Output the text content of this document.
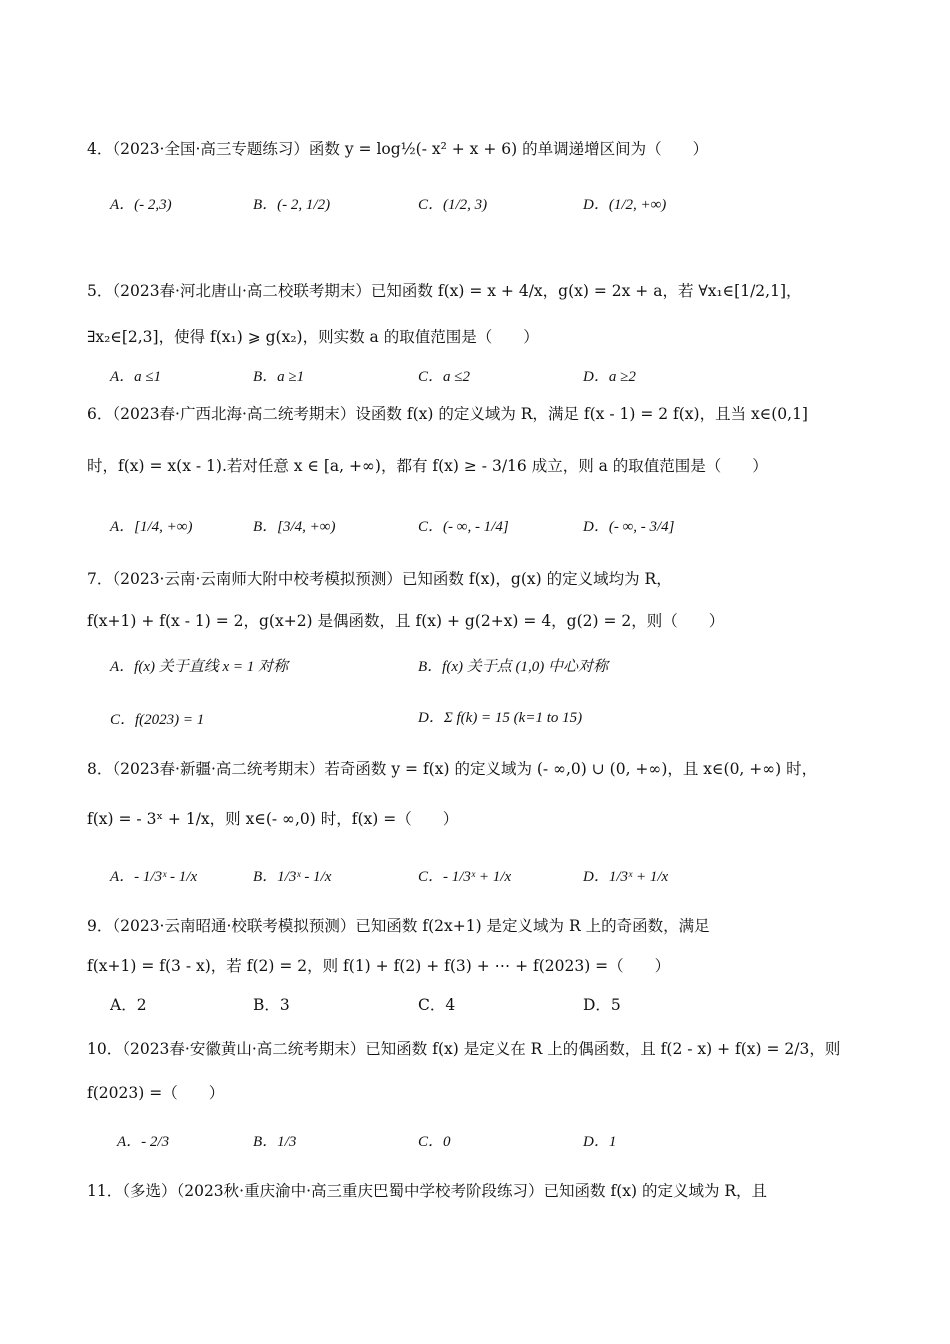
4．（2023·全国·高三专题练习）函数 y = log½(- x² + x + 6) 的单调递增区间为（　　）
A．(- 2,3)	B．(- 2, 1/2)	C．(1/2, 3)	D．(1/2, +∞)
5．（2023春·河北唐山·高二校联考期末）已知函数 f(x) = x + 4/x，g(x) = 2x + a，若 ∀x₁∈[1/2,1]，
∃x₂∈[2,3]，使得 f(x₁) ⩾ g(x₂)，则实数 a 的取值范围是（　　）
A．a ≤1	B．a ≥1	C．a ≤2	D．a ≥2
6．（2023春·广西北海·高二统考期末）设函数 f(x) 的定义域为 R，满足 f(x - 1) = 2 f(x)，且当 x∈(0,1]
时，f(x) = x(x - 1).若对任意 x ∈ [a, +∞)，都有 f(x) ≥ - 3/16 成立，则 a 的取值范围是（　　）
A．[1/4, +∞)	B．[3/4, +∞)	C．(- ∞, - 1/4]	D．(- ∞, - 3/4]
7．（2023·云南·云南师大附中校考模拟预测）已知函数 f(x)，g(x) 的定义域均为 R，
f(x+1) + f(x - 1) = 2，g(x+2) 是偶函数，且 f(x) + g(2+x) = 4，g(2) = 2，则（　　）
A．f(x) 关于直线 x = 1 对称	B．f(x) 关于点 (1,0) 中心对称
C．f(2023) = 1	D．Σ f(k) = 15 (k=1 to 15)
8．（2023春·新疆·高二统考期末）若奇函数 y = f(x) 的定义域为 (- ∞,0) ∪ (0, +∞)，且 x∈(0, +∞) 时，
f(x) = - 3ˣ + 1/x，则 x∈(- ∞,0) 时，f(x) =（　　）
A．- 1/3ˣ - 1/x	B．1/3ˣ - 1/x	C．- 1/3ˣ + 1/x	D．1/3ˣ + 1/x
9．（2023·云南昭通·校联考模拟预测）已知函数 f(2x+1) 是定义域为 R 上的奇函数，满足
f(x+1) = f(3 - x)，若 f(2) = 2，则 f(1) + f(2) + f(3) + ⋯ + f(2023) =（　　）
A．2	B．3	C．4	D．5
10．（2023春·安徽黄山·高二统考期末）已知函数 f(x) 是定义在 R 上的偶函数，且 f(2 - x) + f(x) = 2/3，则
f(2023) =（　　）
A．- 2/3	B．1/3	C．0	D．1
11．（多选）（2023秋·重庆渝中·高三重庆巴蜀中学校考阶段练习）已知函数 f(x) 的定义域为 R，且
